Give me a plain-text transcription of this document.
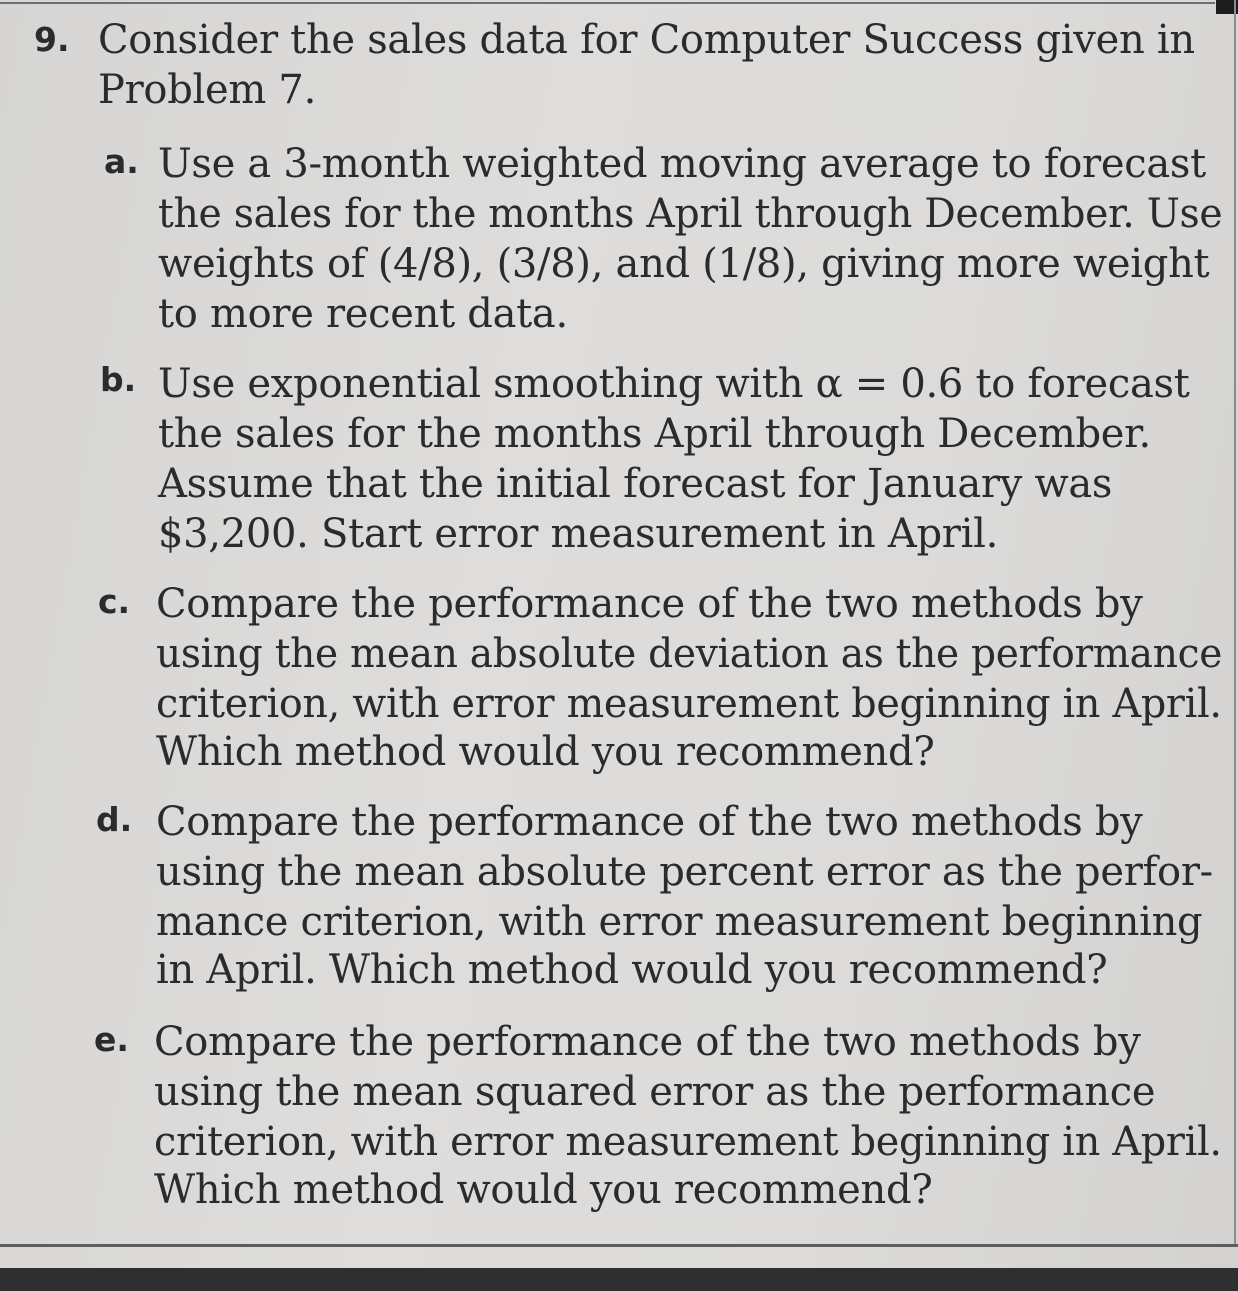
9. Consider the sales data for Computer Success given in
Problem 7.
a. Use a 3-month weighted moving average to forecast
the sales for the months April through December. Use
weights of (4/8), (3/8), and (1/8), giving more weight
to more recent data.
b. Use exponential smoothing with α = 0.6 to forecast
the sales for the months April through December.
Assume that the initial forecast for January was
$3,200. Start error measurement in April.
c. Compare the performance of the two methods by
using the mean absolute deviation as the performance
criterion, with error measurement beginning in April.
Which method would you recommend?
d. Compare the performance of the two methods by
using the mean absolute percent error as the perfor-
mance criterion, with error measurement beginning
in April. Which method would you recommend?
e. Compare the performance of the two methods by
using the mean squared error as the performance
criterion, with error measurement beginning in April.
Which method would you recommend?
